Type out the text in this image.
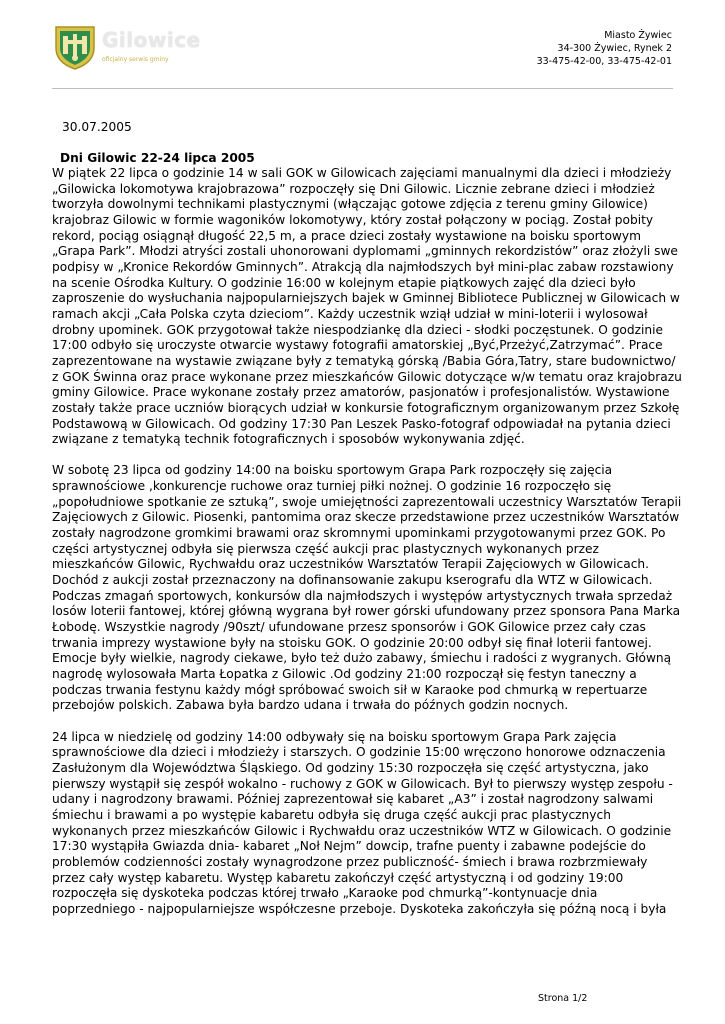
Gilowice
oficjalny serwis gminy
Miasto Żywiec
34-300 Żywiec, Rynek 2
33-475-42-00, 33-475-42-01
30.07.2005
Dni Gilowic 22-24 lipca 2005

W piątek 22 lipca o godzinie 14 w sali GOK w Gilowicach zajęciami manualnymi dla dzieci i młodzieży „Gilowicka lokomotywa krajobrazowa” rozpoczęły się Dni Gilowic. Licznie zebrane dzieci i młodzież tworzyła dowolnymi technikami plastycznymi (włączając gotowe zdjęcia z terenu gminy Gilowice) krajobraz Gilowic w formie wagoników lokomotywy, który został połączony w pociąg. Został pobity rekord, pociąg osiągnął długość 22,5 m, a prace dzieci zostały wystawione na boisku sportowym „Grapa Park”. Młodzi atryści zostali uhonorowani dyplomami „gminnych rekordzistów” oraz złożyli swe podpisy w „Kronice Rekordów Gminnych”. Atrakcją dla najmłodszych był mini-plac zabaw rozstawiony na scenie Ośrodka Kultury. O godzinie 16:00 w kolejnym etapie piątkowych zajęć dla dzieci było zaproszenie do wysłuchania najpopularniejszych bajek w Gminnej Bibliotece Publicznej w Gilowicach w ramach akcji „Cała Polska czyta dzieciom”. Każdy uczestnik wziął udział w mini-loterii i wylosował drobny upominek. GOK przygotował także niespodziankę dla dzieci - słodki poczęstunek. O godzinie 17:00 odbyło się uroczyste otwarcie wystawy fotografii amatorskiej „Być,Przeżyć,Zatrzymać”. Prace zaprezentowane na wystawie związane były z tematyką górską /Babia Góra,Tatry, stare budownictwo/ z GOK Świnna oraz prace wykonane przez mieszkańców Gilowic dotyczące w/w tematu oraz krajobrazu gminy Gilowice. Prace wykonane zostały przez amatorów, pasjonatów i profesjonalistów. Wystawione zostały także prace uczniów biorących udział w konkursie fotograficznym organizowanym przez Szkołę Podstawową w Gilowicach. Od godziny 17:30 Pan Leszek Pasko-fotograf odpowiadał na pytania dzieci związane z tematyką technik fotograficznych i sposobów wykonywania zdjęć.

W sobotę 23 lipca od godziny 14:00 na boisku sportowym Grapa Park rozpoczęły się zajęcia sprawnościowe ,konkurencje ruchowe oraz turniej piłki nożnej. O godzinie 16 rozpoczęło się „popołudniowe spotkanie ze sztuką”, swoje umiejętności zaprezentowali uczestnicy Warsztatów Terapii Zajęciowych z Gilowic. Piosenki, pantomima oraz skecze przedstawione przez uczestników Warsztatów zostały nagrodzone gromkimi brawami oraz skromnymi upominkami przygotowanymi przez GOK. Po części artystycznej odbyła się pierwsza część aukcji prac plastycznych wykonanych przez mieszkańców Gilowic, Rychwałdu oraz uczestników Warsztatów Terapii Zajęciowych w Gilowicach. Dochód z aukcji został przeznaczony na dofinansowanie zakupu kserografu dla WTZ w Gilowicach. Podczas zmagań sportowych, konkursów dla najmłodszych i występów artystycznych trwała sprzedaż losów loterii fantowej, której główną wygrana był rower górski ufundowany przez sponsora Pana Marka Łobodę. Wszystkie nagrody /90szt/ ufundowane przesz sponsorów i GOK Gilowice przez cały czas trwania imprezy wystawione były na stoisku GOK. O godzinie 20:00 odbył się finał loterii fantowej. Emocje były wielkie, nagrody ciekawe, było też dużo zabawy, śmiechu i radości z wygranych. Główną nagrodę wylosowała Marta Łopatka z Gilowic .Od godziny 21:00 rozpoczął się festyn taneczny a podczas trwania festynu każdy mógł spróbować swoich sił w Karaoke pod chmurką w repertuarze przebojów polskich. Zabawa była bardzo udana i trwała do późnych godzin nocnych.

24 lipca w niedzielę od godziny 14:00 odbywały się na boisku sportowym Grapa Park zajęcia sprawnościowe dla dzieci i młodzieży i starszych. O godzinie 15:00 wręczono honorowe odznaczenia Zasłużonym dla Województwa Śląskiego. Od godziny 15:30 rozpoczęła się część artystyczna, jako pierwszy wystąpił się zespół wokalno - ruchowy z GOK w Gilowicach. Był to pierwszy występ zespołu - udany i nagrodzony brawami. Później zaprezentował się kabaret „A3” i został nagrodzony salwami śmiechu i brawami a po występie kabaretu odbyła się druga część aukcji prac plastycznych wykonanych przez mieszkańców Gilowic i Rychwałdu oraz uczestników WTZ w Gilowicach. O godzinie 17:30 wystąpiła Gwiazda dnia- kabaret „Noł Nejm” dowcip, trafne puenty i zabawne podejście do problemów codzienności zostały wynagrodzone przez publiczność- śmiech i brawa rozbrzmiewały przez cały występ kabaretu. Występ kabaretu zakończył część artystyczną i od godziny 19:00 rozpoczęła się dyskoteka podczas której trwało „Karaoke pod chmurką”-kontynuacje dnia poprzedniego - najpopularniejsze współczesne przeboje. Dyskoteka zakończyła się późną nocą i była

Strona 1/2
